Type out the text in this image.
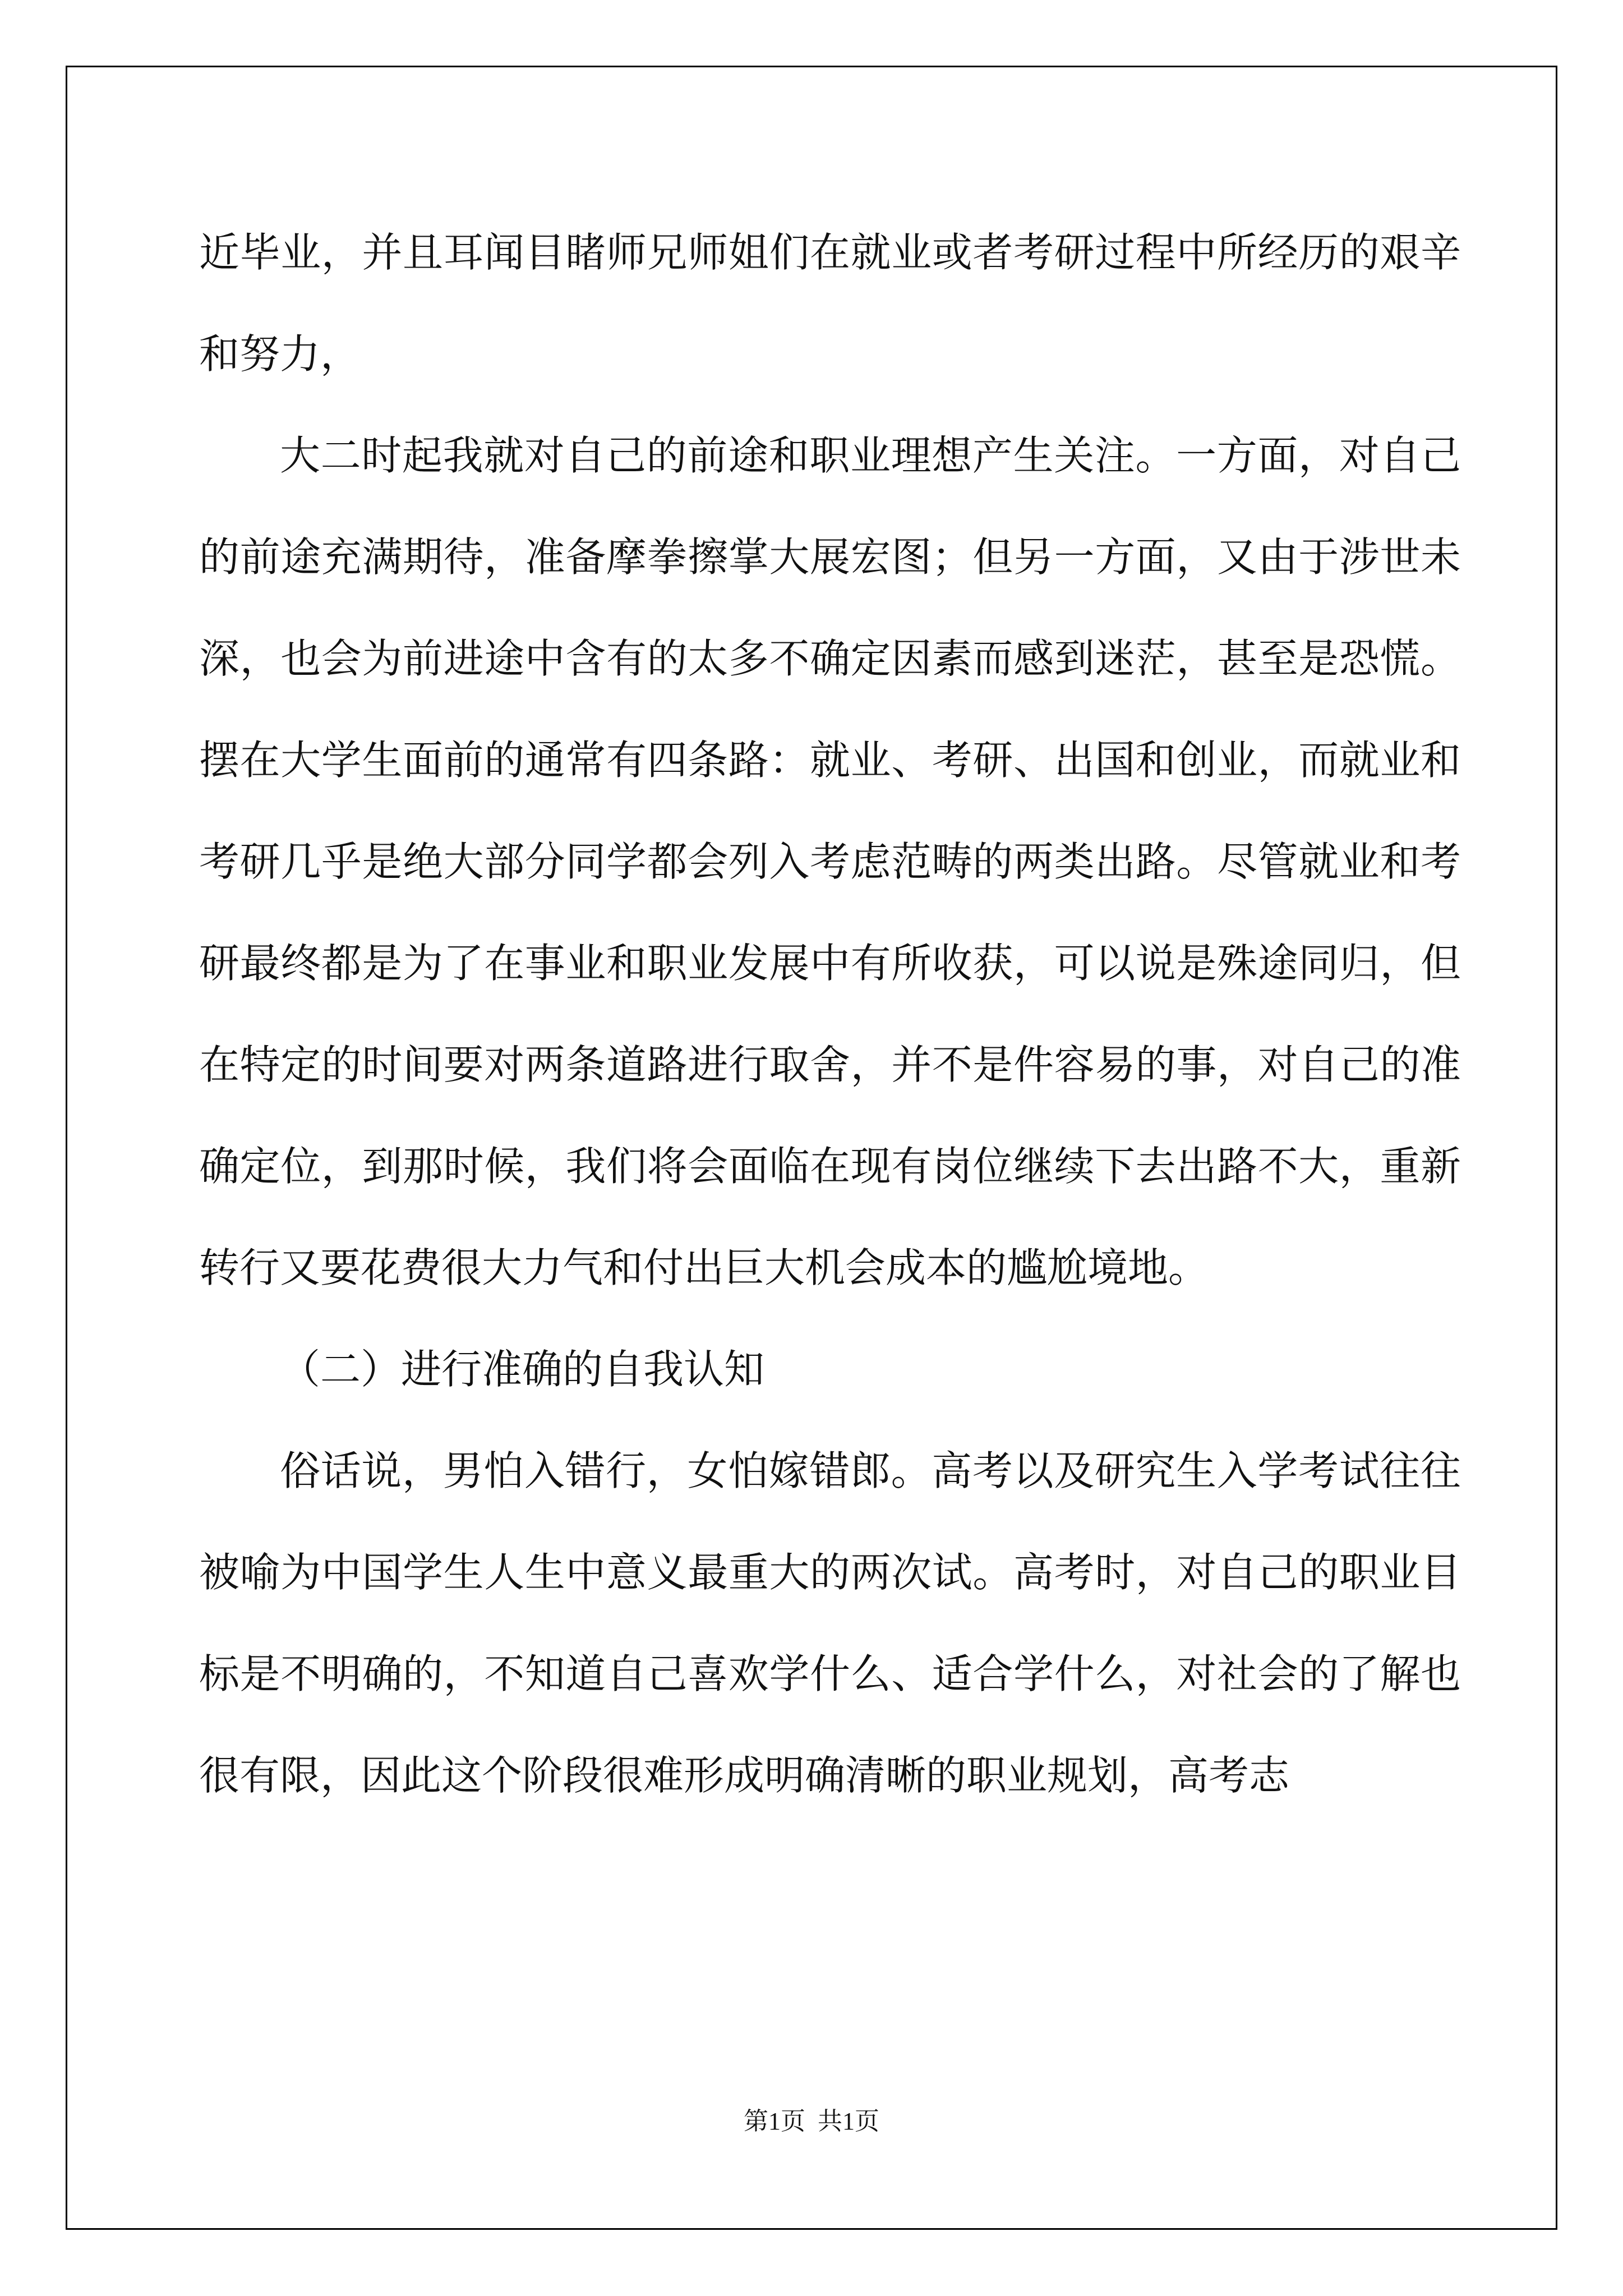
近毕业，并且耳闻目睹师兄师姐们在就业或者考研过程中所经历的艰辛和努力，

大二时起我就对自己的前途和职业理想产生关注。一方面，对自己的前途充满期待，准备摩拳擦掌大展宏图；但另一方面，又由于涉世未深，也会为前进途中含有的太多不确定因素而感到迷茫，甚至是恐慌。 摆在大学生面前的通常有四条路：就业、考研、出国和创业，而就业和考研几乎是绝大部分同学都会列入考虑范畴的两类出路。尽管就业和考研最终都是为了在事业和职业发展中有所收获，可以说是殊途同归，但在特定的时间要对两条道路进行取舍，并不是件容易的事，对自己的准确定位，到那时候，我们将会面临在现有岗位继续下去出路不大，重新转行又要花费很大力气和付出巨大机会成本的尴尬境地。

（二）进行准确的自我认知

俗话说，男怕入错行，女怕嫁错郎。高考以及研究生入学考试往往被喻为中国学生人生中意义最重大的两次试。高考时，对自己的职业目标是不明确的，不知道自己喜欢学什么、适合学什么，对社会的了解也很有限，因此这个阶段很难形成明确清晰的职业规划，高考志

第1页  共1页
